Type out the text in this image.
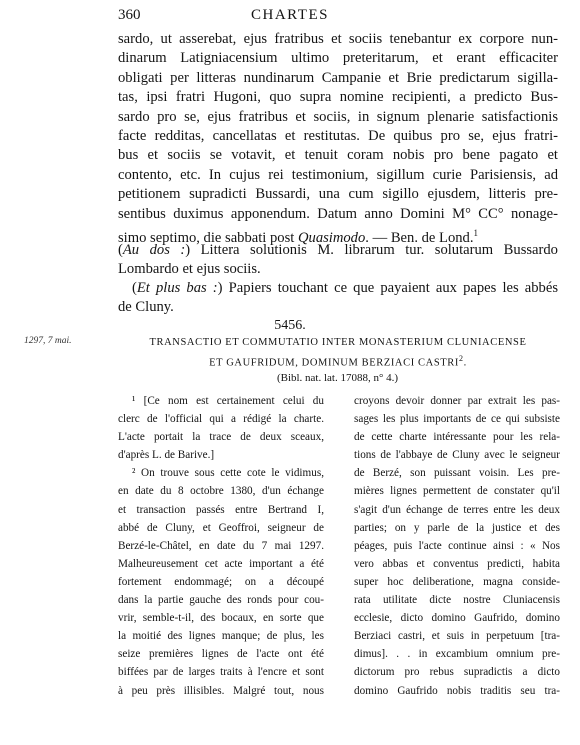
360	CHARTES
sardo, ut asserebat, ejus fratribus et sociis tenebantur ex corpore nun-
dinarum Latigniacensium ultimo preteritarum, et erant efficaciter
obligati per litteras nundinarum Campanie et Brie predictarum sigilla-
tas, ipsi fratri Hugoni, quo supra nomine recipienti, a predicto Bus-
sardo pro se, ejus fratribus et sociis, in signum plenarie satisfactionis
facte redditas, cancellatas et restitutas. De quibus pro se, ejus fratri-
bus et sociis se votavit, et tenuit coram nobis pro bene pagato et
contento, etc. In cujus rei testimonium, sigillum curie Parisiensis, ad
petitionem supradicti Bussardi, una cum sigillo ejusdem, litteris pre-
sentibus duximus apponendum. Datum anno Domini M° CC° nonage-
simo septimo, die sabbati post Quasimodo. — Ben. de Lond.$^1$
(Au dos :) Littera solutionis M. librarum tur. solutarum Bussardo
Lombardo et ejus sociis.
(Et plus bas :) Papiers touchant ce que payaient aux papes les abbés
de Cluny.
5456.
1297, 7 mai.	TRANSACTIO ET COMMUTATIO INTER MONASTERIUM CLUNIACENSE
ET GAUFRIDUM, DOMINUM BERZIACI CASTRI$^2$.
(Bibl. nat. lat. 17088, n° 4.)
¹ [Ce nom est certainement celui du
clerc de l'official qui a rédigé la charte.
L'acte portait la trace de deux sceaux,
d'après L. de Barive.]
² On trouve sous cette cote le vidimus,
en date du 8 octobre 1380, d'un échange
et transaction passés entre Bertrand I,
abbé de Cluny, et Geoffroi, seigneur de
Berzé-le-Châtel, en date du 7 mai 1297.
Malheureusement cet acte important a été
fortement endommagé; on a découpé
dans la partie gauche des ronds pour cou-
vrir, semble-t-il, des bocaux, en sorte que
la moitié des lignes manque; de plus, les
seize premières lignes de l'acte ont été
biffées par de larges traits à l'encre et sont
à peu près illisibles. Malgré tout, nous
croyons devoir donner par extrait les pas-
sages les plus importants de ce qui subsiste
de cette charte intéressante pour les rela-
tions de l'abbaye de Cluny avec le seigneur
de Berzé, son puissant voisin. Les pre-
mières lignes permettent de constater qu'il
s'agit d'un échange de terres entre les deux
parties; on y parle de la justice et des
péages, puis l'acte continue ainsi : « Nos
vero abbas et conventus predicti, habita
super hoc deliberatione, magna conside-
rata utilitate dicte nostre Cluniacensis
ecclesie, dicto domino Gaufrido, domino
Berziaci castri, et suis in perpetuum [tra-
dimus]. . . in excambium omnium pre-
dictorum pro rebus supradictis a dicto
domino Gaufrido nobis traditis seu tra-
